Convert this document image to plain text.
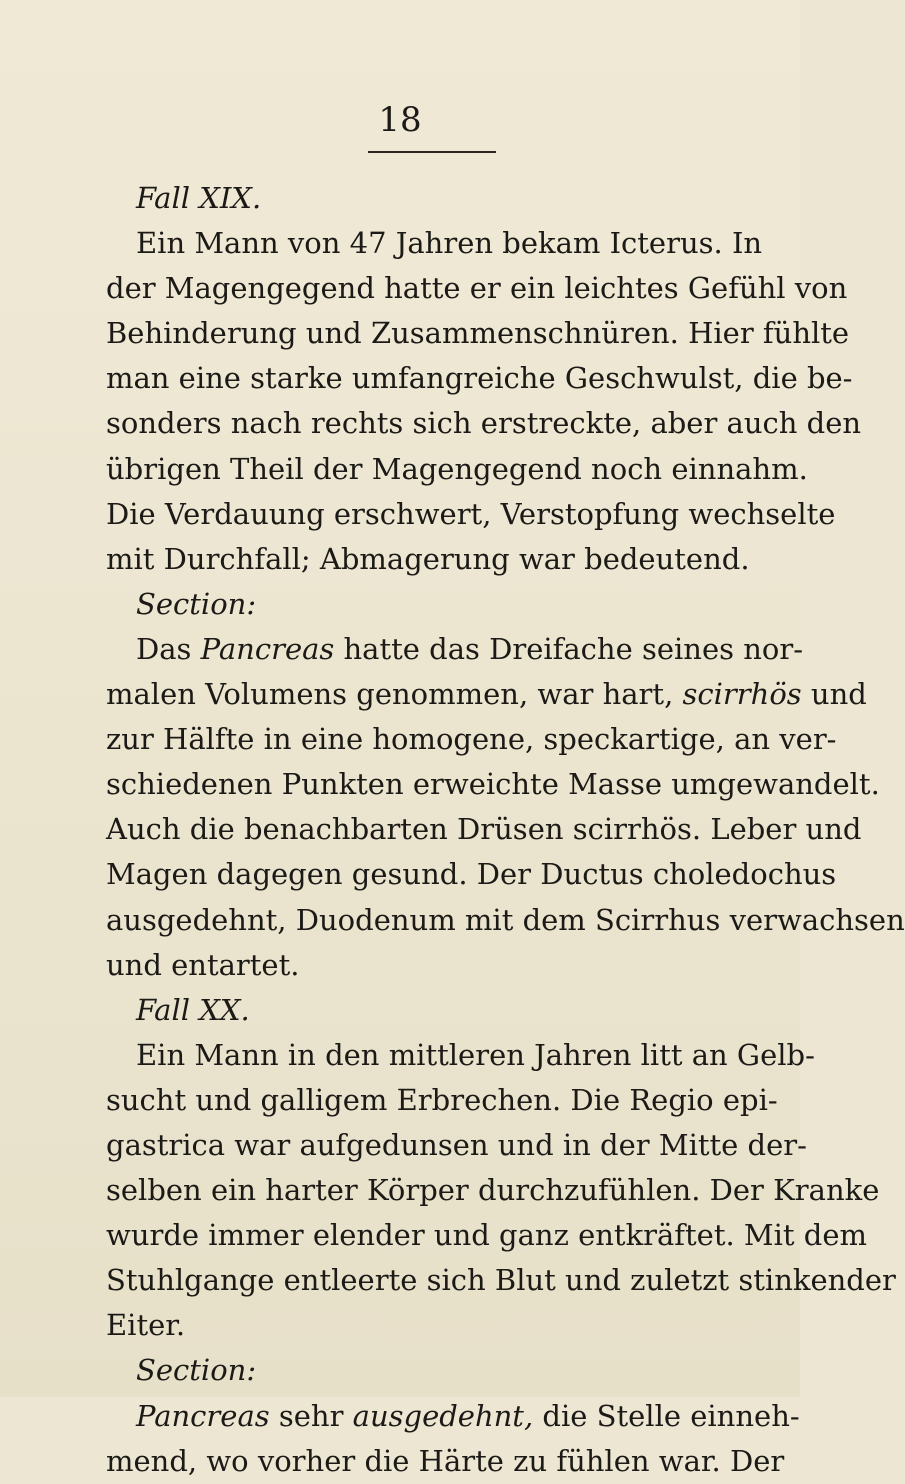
18
Fall XIX.
Ein Mann von 47 Jahren bekam Icterus. In
der Magengegend hatte er ein leichtes Gefühl von
Behinderung und Zusammenschnüren. Hier fühlte
man eine starke umfangreiche Geschwulst, die be-
sonders nach rechts sich erstreckte, aber auch den
übrigen Theil der Magengegend noch einnahm.
Die Verdauung erschwert, Verstopfung wechselte
mit Durchfall; Abmagerung war bedeutend.
Section:
Das Pancreas hatte das Dreifache seines nor-
malen Volumens genommen, war hart, scirrhös und
zur Hälfte in eine homogene, speckartige, an ver-
schiedenen Punkten erweichte Masse umgewandelt.
Auch die benachbarten Drüsen scirrhös. Leber und
Magen dagegen gesund. Der Ductus choledochus
ausgedehnt, Duodenum mit dem Scirrhus verwachsen
und entartet.
Fall XX.
Ein Mann in den mittleren Jahren litt an Gelb-
sucht und galligem Erbrechen. Die Regio epi-
gastrica war aufgedunsen und in der Mitte der-
selben ein harter Körper durchzufühlen. Der Kranke
wurde immer elender und ganz entkräftet. Mit dem
Stuhlgange entleerte sich Blut und zuletzt stinkender
Eiter.
Section:
Pancreas sehr ausgedehnt, die Stelle einneh-
mend, wo vorher die Härte zu fühlen war. Der
